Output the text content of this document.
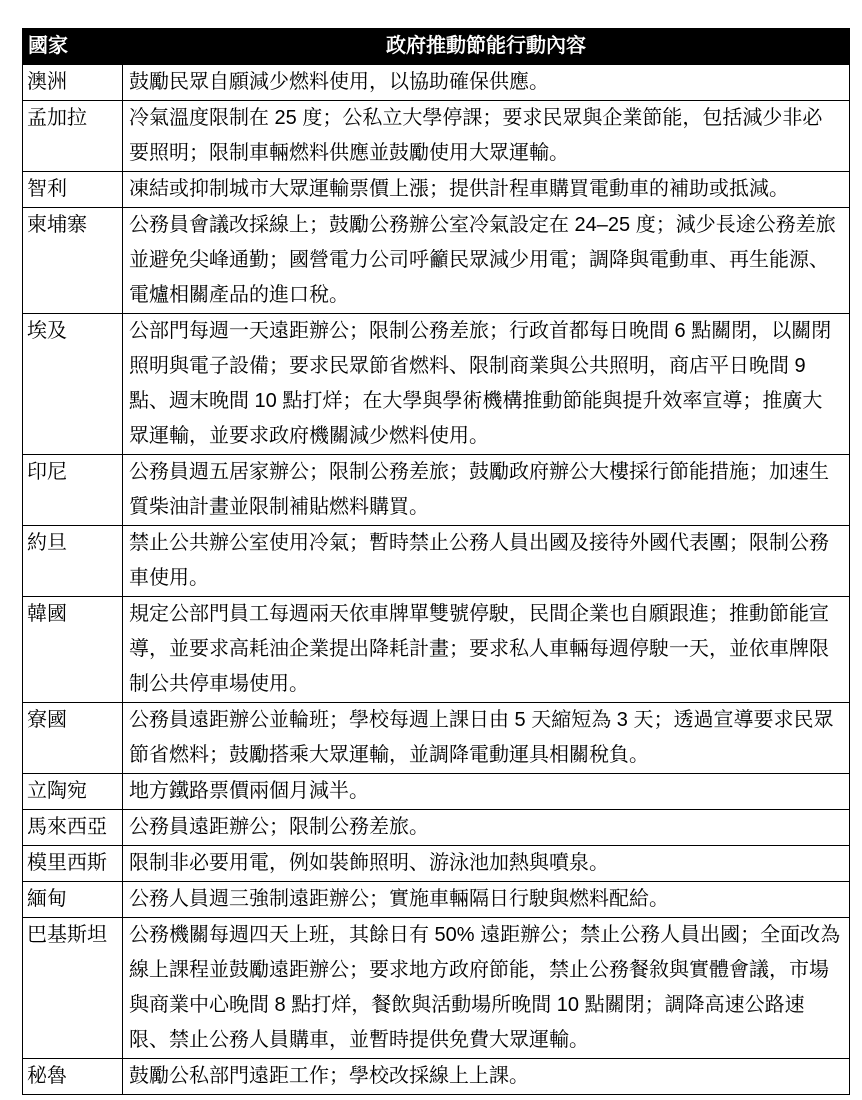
國家	政府推動節能行動內容
澳洲	鼓勵民眾自願減少燃料使用，以協助確保供應。
孟加拉	冷氣溫度限制在 25 度；公私立大學停課；要求民眾與企業節能，包括減少非必要照明；限制車輛燃料供應並鼓勵使用大眾運輸。
智利	凍結或抑制城市大眾運輸票價上漲；提供計程車購買電動車的補助或抵減。
柬埔寨	公務員會議改採線上；鼓勵公務辦公室冷氣設定在 24–25 度；減少長途公務差旅並避免尖峰通勤；國營電力公司呼籲民眾減少用電；調降與電動車、再生能源、電爐相關產品的進口稅。
埃及	公部門每週一天遠距辦公；限制公務差旅；行政首都每日晚間 6 點關閉，以關閉照明與電子設備；要求民眾節省燃料、限制商業與公共照明，商店平日晚間 9 點、週末晚間 10 點打烊；在大學與學術機構推動節能與提升效率宣導；推廣大眾運輸，並要求政府機關減少燃料使用。
印尼	公務員週五居家辦公；限制公務差旅；鼓勵政府辦公大樓採行節能措施；加速生質柴油計畫並限制補貼燃料購買。
約旦	禁止公共辦公室使用冷氣；暫時禁止公務人員出國及接待外國代表團；限制公務車使用。
韓國	規定公部門員工每週兩天依車牌單雙號停駛，民間企業也自願跟進；推動節能宣導，並要求高耗油企業提出降耗計畫；要求私人車輛每週停駛一天，並依車牌限制公共停車場使用。
寮國	公務員遠距辦公並輪班；學校每週上課日由 5 天縮短為 3 天；透過宣導要求民眾節省燃料；鼓勵搭乘大眾運輸，並調降電動運具相關稅負。
立陶宛	地方鐵路票價兩個月減半。
馬來西亞	公務員遠距辦公；限制公務差旅。
模里西斯	限制非必要用電，例如裝飾照明、游泳池加熱與噴泉。
緬甸	公務人員週三強制遠距辦公；實施車輛隔日行駛與燃料配給。
巴基斯坦	公務機關每週四天上班，其餘日有 50% 遠距辦公；禁止公務人員出國；全面改為線上課程並鼓勵遠距辦公；要求地方政府節能，禁止公務餐敘與實體會議，市場與商業中心晚間 8 點打烊，餐飲與活動場所晚間 10 點關閉；調降高速公路速限、禁止公務人員購車，並暫時提供免費大眾運輸。
秘魯	鼓勵公私部門遠距工作；學校改採線上上課。
